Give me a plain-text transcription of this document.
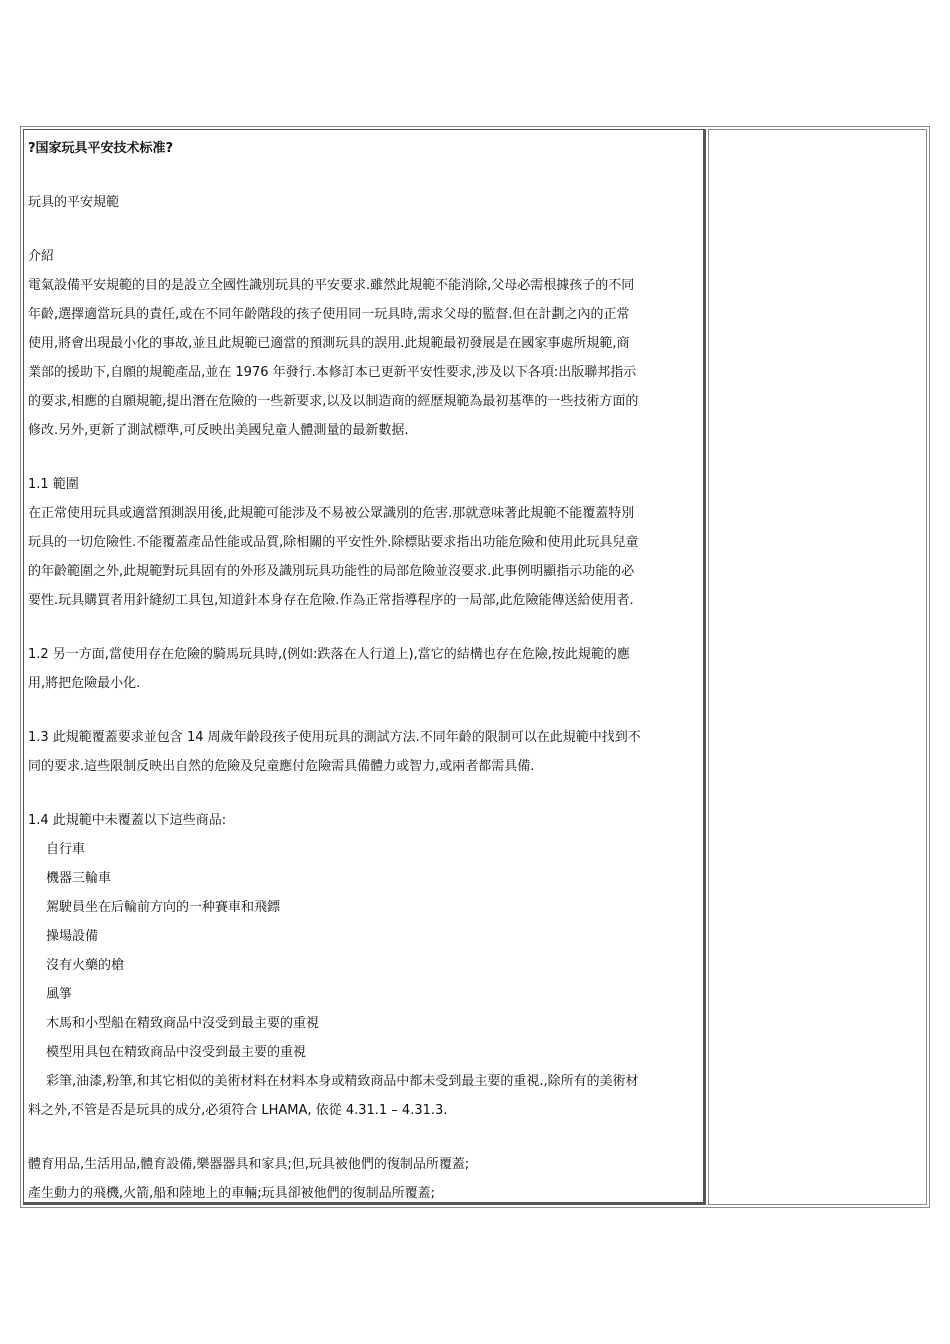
?国家玩具平安技术标准?
玩具的平安規範
介紹
電氣設備平安規範的目的是設立全國性識別玩具的平安要求.雖然此規範不能消除,父母必需根據孩子的不同
年齡,選擇適當玩具的責任,或在不同年齡階段的孩子使用同一玩具時,需求父母的監督.但在計劃之內的正常
使用,將會出現最小化的事故,並且此規範已適當的預測玩具的誤用.此規範最初發展是在國家事處所規範,商
業部的援助下,自願的規範產品,並在 1976 年發行.本修訂本已更新平安性要求,涉及以下各項:出版聯邦指示
的要求,相應的自願規範,提出潛在危險的一些新要求,以及以制造商的經歷規範為最初基準的一些技術方面的
修改.另外,更新了測試標準,可反映出美國兒童人體測量的最新數据.
1.1 範圍
在正常使用玩具或適當預測誤用後,此規範可能涉及不易被公眾識別的危害.那就意味著此規範不能覆蓋特別
玩具的一切危險性.不能覆蓋產品性能或品質,除相關的平安性外.除標貼要求指出功能危險和使用此玩具兒童
的年齡範圍之外,此規範對玩具固有的外形及識別玩具功能性的局部危險並沒要求.此事例明顯指示功能的必
要性.玩具購買者用針縫紉工具包,知道針本身存在危險.作為正常指導程序的一局部,此危險能傳送給使用者.
1.2 另一方面,當使用存在危險的騎馬玩具時,(例如:跌落在人行道上),當它的結構也存在危險,按此規範的應
用,將把危險最小化.
1.3 此規範覆蓋要求並包含 14 周歲年齡段孩子使用玩具的測試方法.不同年齡的限制可以在此規範中找到不
同的要求.這些限制反映出自然的危險及兒童應付危險需具備體力或智力,或兩者都需具備.
1.4 此規範中未覆蓋以下這些商品:
自行車
機器三輪車
駕駛員坐在后輪前方向的一种賽車和飛鏢
操場設備
沒有火藥的槍
風箏
木馬和小型船在精致商品中沒受到最主要的重視
模型用具包在精致商品中沒受到最主要的重視
彩筆,油漆,粉筆,和其它相似的美術材料在材料本身或精致商品中都未受到最主要的重視.,除所有的美術材
料之外,不管是否是玩具的成分,必須符合 LHAMA, 依從 4.31.1 – 4.31.3.
體育用品,生活用品,體育設備,樂器器具和家具;但,玩具被他們的復制品所覆蓋;
產生動力的飛機,火箭,船和陸地上的車輛;玩具卻被他們的復制品所覆蓋;
